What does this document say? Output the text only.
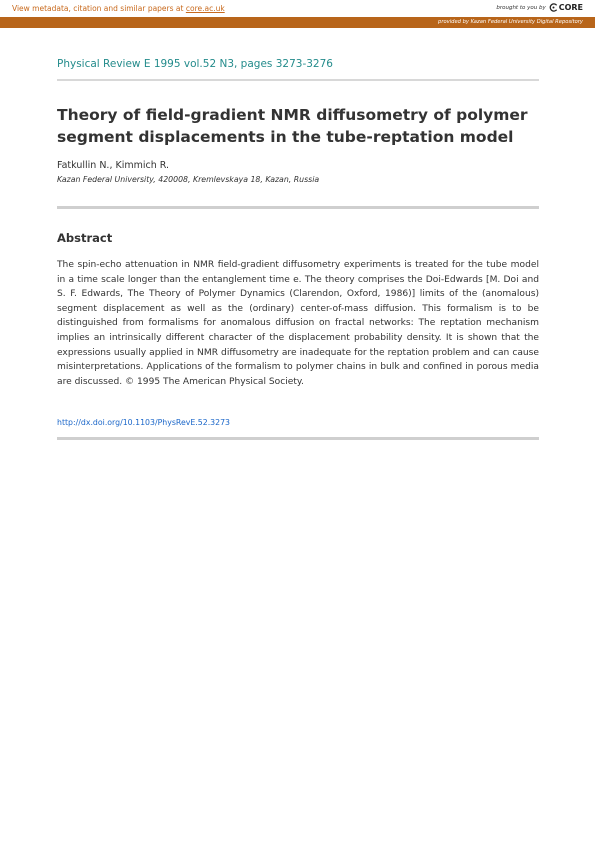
View metadata, citation and similar papers at core.ac.uk	brought to you by CORE
provided by Kazan Federal University Digital Repository
Physical Review E 1995 vol.52 N3, pages 3273-3276
Theory of field-gradient NMR diffusometry of polymer segment displacements in the tube-reptation model
Fatkullin N., Kimmich R.
Kazan Federal University, 420008, Kremlevskaya 18, Kazan, Russia
Abstract

The spin-echo attenuation in NMR field-gradient diffusometry experiments is treated for the tube model in a time scale longer than the entanglement time e. The theory comprises the Doi-Edwards [M. Doi and S. F. Edwards, The Theory of Polymer Dynamics (Clarendon, Oxford, 1986)] limits of the (anomalous) segment displacement as well as the (ordinary) center-of-mass diffusion. This formalism is to be distinguished from formalisms for anomalous diffusion on fractal networks: The reptation mechanism implies an intrinsically different character of the displacement probability density. It is shown that the expressions usually applied in NMR diffusometry are inadequate for the reptation problem and can cause misinterpretations. Applications of the formalism to polymer chains in bulk and confined in porous media are discussed. © 1995 The American Physical Society.

http://dx.doi.org/10.1103/PhysRevE.52.3273
